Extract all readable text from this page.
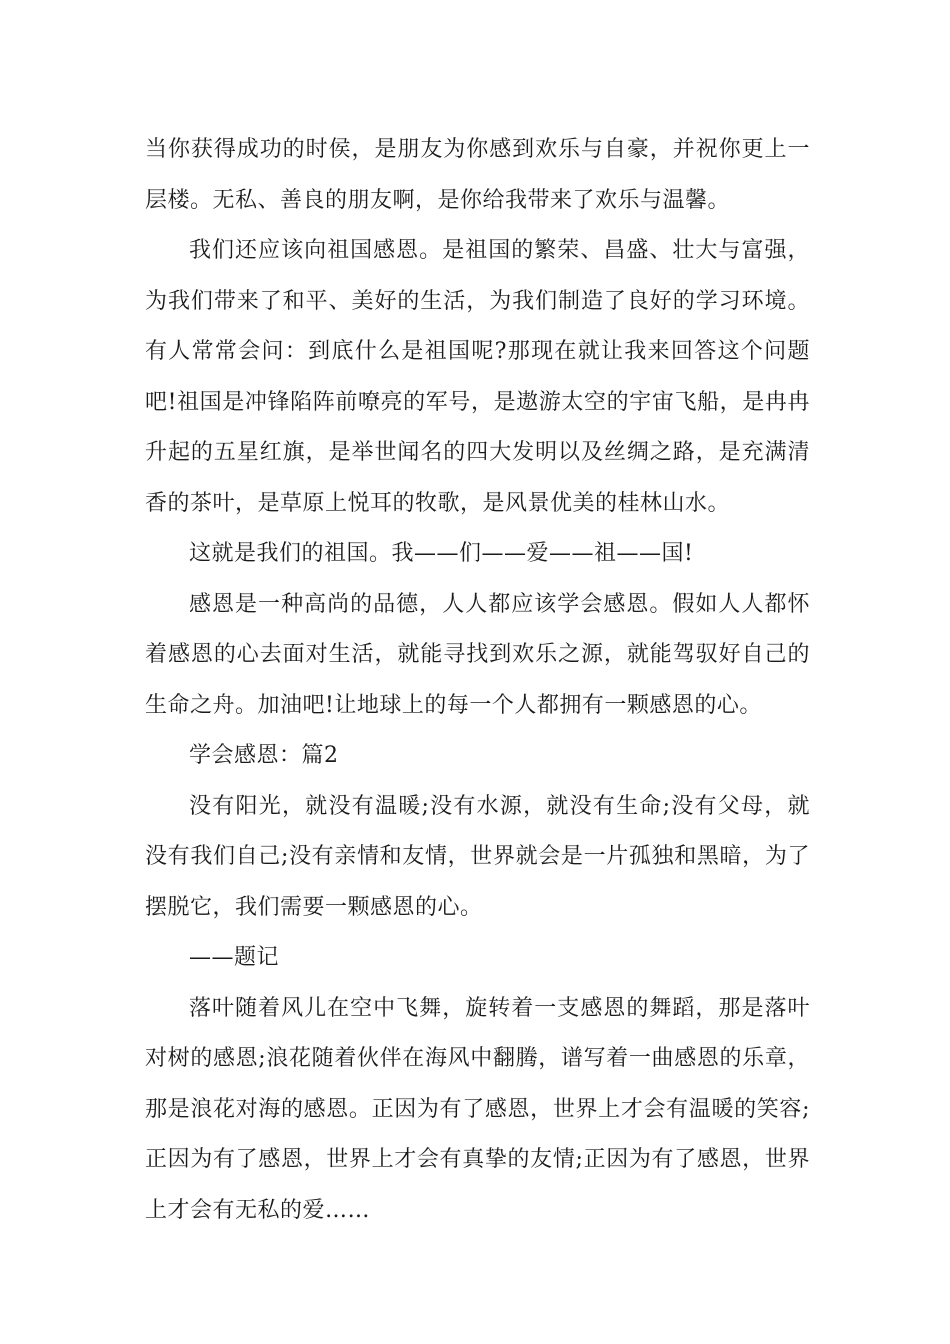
当你获得成功的时侯，是朋友为你感到欢乐与自豪，并祝你更上一层楼。无私、善良的朋友啊，是你给我带来了欢乐与温馨。

我们还应该向祖国感恩。是祖国的繁荣、昌盛、壮大与富强，为我们带来了和平、美好的生活，为我们制造了良好的学习环境。有人常常会问：到底什么是祖国呢?那现在就让我来回答这个问题吧!祖国是冲锋陷阵前嘹亮的军号，是遨游太空的宇宙飞船，是冉冉升起的五星红旗，是举世闻名的四大发明以及丝绸之路，是充满清香的茶叶，是草原上悦耳的牧歌，是风景优美的桂林山水。

这就是我们的祖国。我——们——爱——祖——国!

感恩是一种高尚的品德，人人都应该学会感恩。假如人人都怀着感恩的心去面对生活，就能寻找到欢乐之源，就能驾驭好自己的生命之舟。加油吧!让地球上的每一个人都拥有一颗感恩的心。

学会感恩：篇2

没有阳光，就没有温暖;没有水源，就没有生命;没有父母，就没有我们自己;没有亲情和友情，世界就会是一片孤独和黑暗，为了摆脱它，我们需要一颗感恩的心。

——题记

落叶随着风儿在空中飞舞，旋转着一支感恩的舞蹈，那是落叶对树的感恩;浪花随着伙伴在海风中翻腾，谱写着一曲感恩的乐章，那是浪花对海的感恩。正因为有了感恩，世界上才会有温暖的笑容;正因为有了感恩，世界上才会有真挚的友情;正因为有了感恩，世界上才会有无私的爱……
